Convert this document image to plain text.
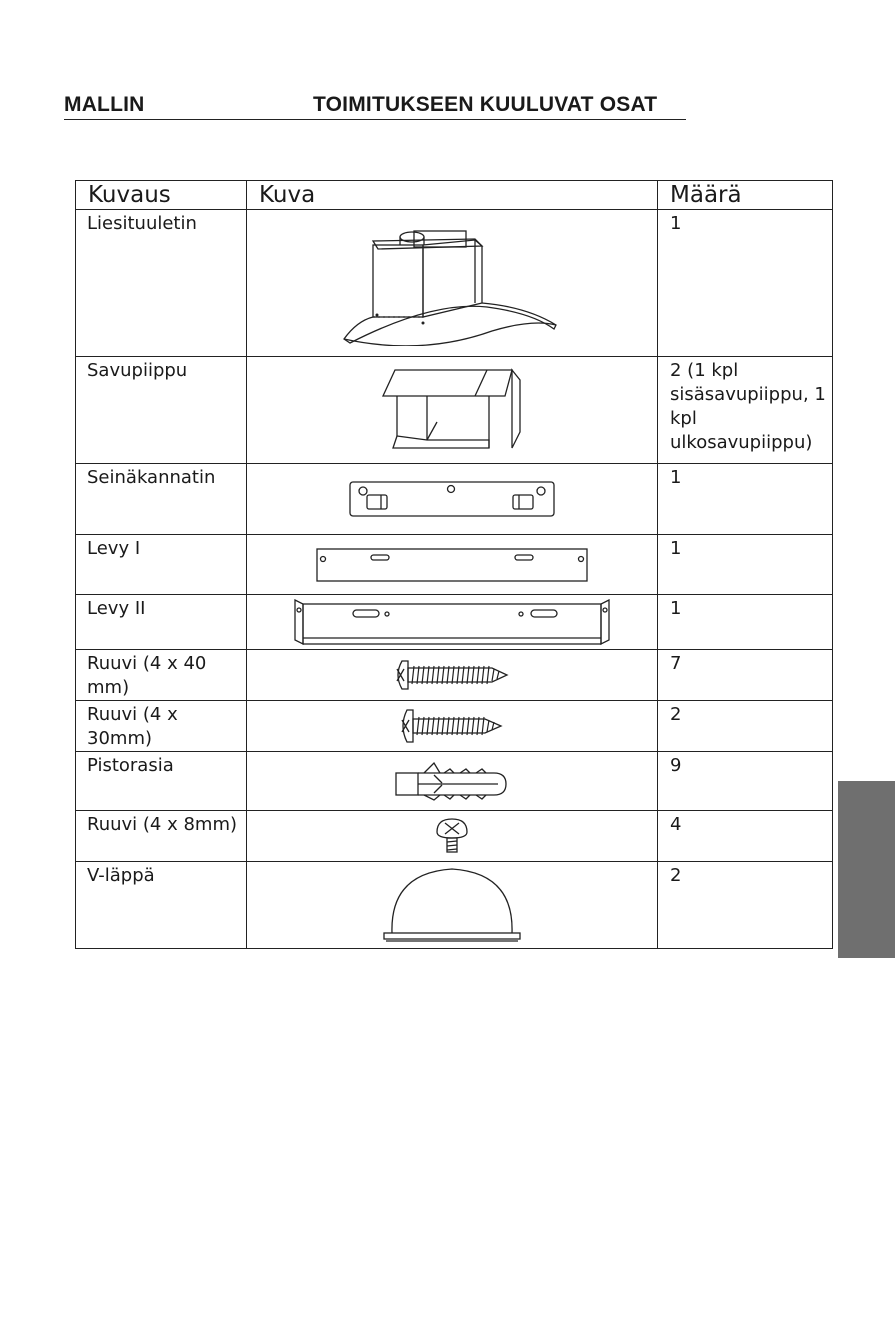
MALLIN	TOIMITUKSEEN KUULUVAT OSAT
Kuvaus	Kuva	Määrä
Liesituuletin		1
Savupiippu		2 (1 kpl sisäsavupiippu, 1 kpl ulkosavupiippu)
Seinäkannatin		1
Levy I		1
Levy II		1
Ruuvi (4 x 40 mm)		7
Ruuvi (4 x 30mm)		2
Pistorasia		9
Ruuvi (4 x 8mm)		4
V-läppä		2
